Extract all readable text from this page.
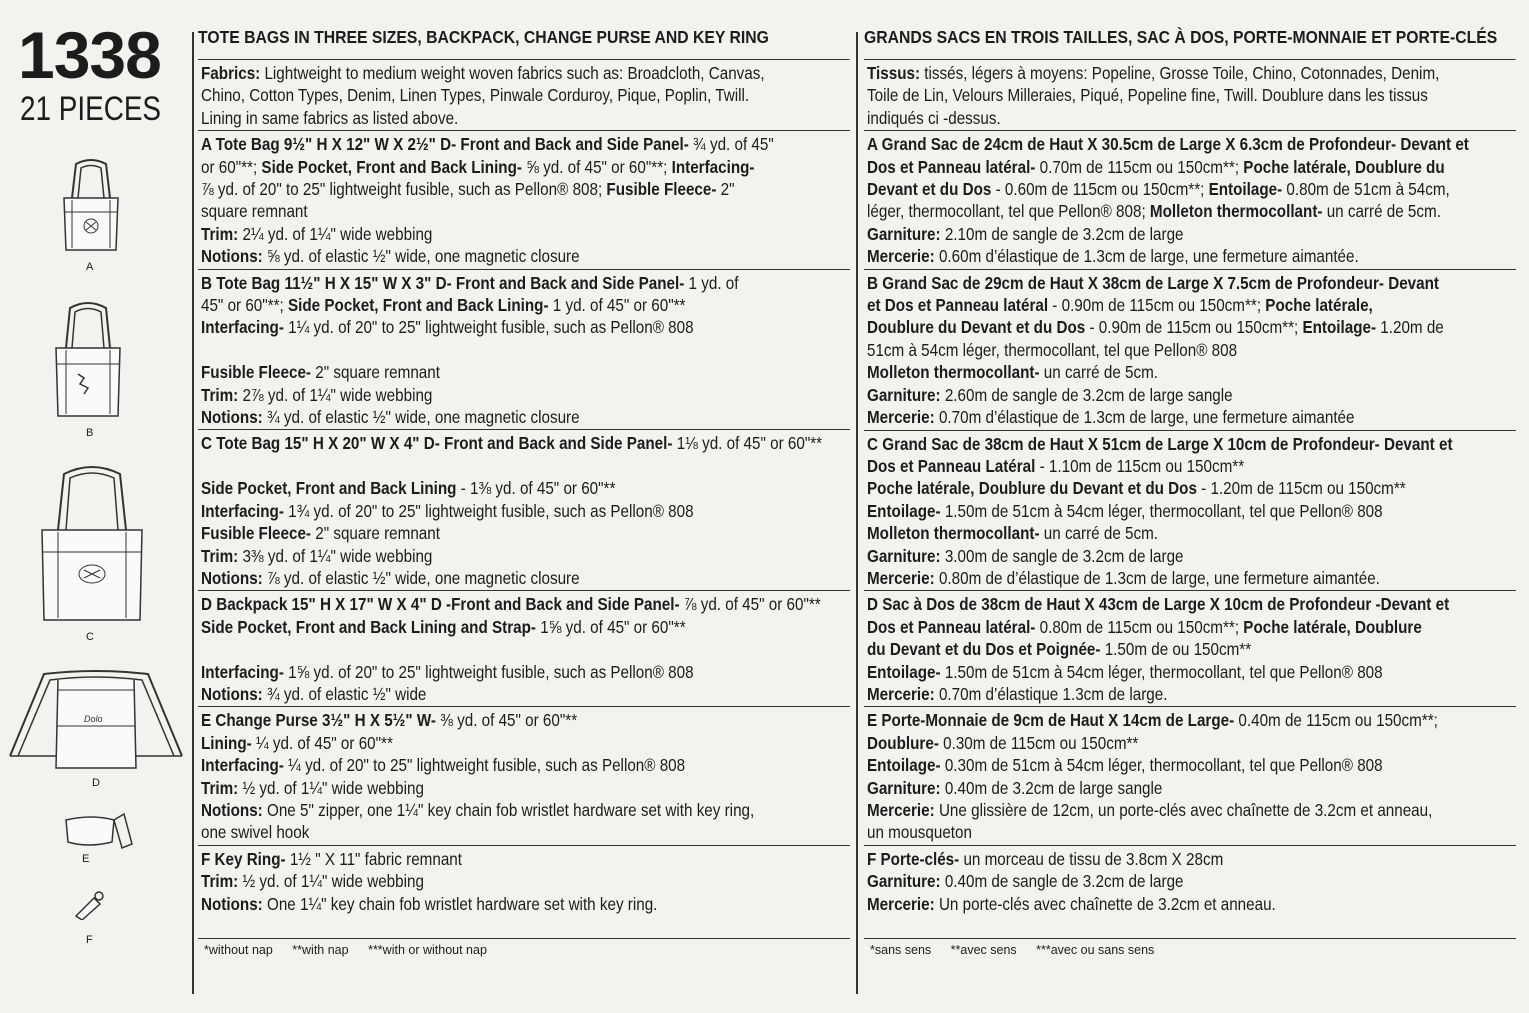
1338
21 PIECES
A
B
C
Dolo
D
E
F
TOTE BAGS IN THREE SIZES, BACKPACK, CHANGE PURSE AND KEY RING
Fabrics: Lightweight to medium weight woven fabrics such as: Broadcloth, Canvas,
Chino, Cotton Types, Denim, Linen Types, Pinwale Corduroy, Pique, Poplin, Twill.
Lining in same fabrics as listed above.
A Tote Bag 9½" H X 12" W X 2½" D- Front and Back and Side Panel- ¾ yd. of 45"
or 60"**; Side Pocket, Front and Back Lining- ⅝ yd. of 45" or 60"**; Interfacing-
⅞ yd. of 20" to 25" lightweight fusible, such as Pellon® 808; Fusible Fleece- 2"
square remnant
Trim: 2¼ yd. of 1¼" wide webbing
Notions: ⅝ yd. of elastic ½" wide, one magnetic closure
B Tote Bag 11½" H X 15" W X 3" D- Front and Back and Side Panel- 1 yd. of
45" or 60"**; Side Pocket, Front and Back Lining- 1 yd. of 45" or 60"**
Interfacing- 1¼ yd. of 20" to 25" lightweight fusible, such as Pellon® 808
Fusible Fleece- 2" square remnant
Trim: 2⅞ yd. of 1¼" wide webbing
Notions: ¾ yd. of elastic ½" wide, one magnetic closure
C Tote Bag 15" H X 20" W X 4" D- Front and Back and Side Panel- 1⅛ yd. of 45" or 60"**
Side Pocket, Front and Back Lining - 1⅜ yd. of 45" or 60"**
Interfacing- 1¾ yd. of 20" to 25" lightweight fusible, such as Pellon® 808
Fusible Fleece- 2" square remnant
Trim: 3⅜ yd. of 1¼" wide webbing
Notions: ⅞ yd. of elastic ½" wide, one magnetic closure
D Backpack 15" H X 17" W X 4" D -Front and Back and Side Panel- ⅞ yd. of 45" or 60"**
Side Pocket, Front and Back Lining and Strap- 1⅝ yd. of 45" or 60"**
Interfacing- 1⅝ yd. of 20" to 25" lightweight fusible, such as Pellon® 808
Notions: ¾ yd. of elastic ½" wide
E Change Purse 3½" H X 5½" W- ⅜ yd. of 45" or 60"**
Lining- ¼ yd. of 45" or 60"**
Interfacing- ¼ yd. of 20" to 25" lightweight fusible, such as Pellon® 808
Trim: ½ yd. of 1¼" wide webbing
Notions: One 5" zipper, one 1¼" key chain fob wristlet hardware set with key ring,
one swivel hook
F Key Ring- 1½ " X 11" fabric remnant
Trim: ½ yd. of 1¼" wide webbing
Notions: One 1¼" key chain fob wristlet hardware set with key ring.
*without nap **with nap ***with or without nap
GRANDS SACS EN TROIS TAILLES, SAC À DOS, PORTE-MONNAIE ET PORTE-CLÉS
Tissus: tissés, légers à moyens: Popeline, Grosse Toile, Chino, Cotonnades, Denim,
Toile de Lin, Velours Milleraies, Piqué, Popeline fine, Twill. Doublure dans les tissus
indiqués ci -dessus.
A Grand Sac de 24cm de Haut X 30.5cm de Large X 6.3cm de Profondeur- Devant et
Dos et Panneau latéral- 0.70m de 115cm ou 150cm**; Poche latérale, Doublure du
Devant et du Dos - 0.60m de 115cm ou 150cm**; Entoilage- 0.80m de 51cm à 54cm,
léger, thermocollant, tel que Pellon® 808; Molleton thermocollant- un carré de 5cm.
Garniture: 2.10m de sangle de 3.2cm de large
Mercerie: 0.60m d’élastique de 1.3cm de large, une fermeture aimantée.
B Grand Sac de 29cm de Haut X 38cm de Large X 7.5cm de Profondeur- Devant
et Dos et Panneau latéral - 0.90m de 115cm ou 150cm**; Poche latérale,
Doublure du Devant et du Dos - 0.90m de 115cm ou 150cm**; Entoilage- 1.20m de
51cm à 54cm léger, thermocollant, tel que Pellon® 808
Molleton thermocollant- un carré de 5cm.
Garniture: 2.60m de sangle de 3.2cm de large sangle
Mercerie: 0.70m d’élastique de 1.3cm de large, une fermeture aimantée
C Grand Sac de 38cm de Haut X 51cm de Large X 10cm de Profondeur- Devant et
Dos et Panneau Latéral - 1.10m de 115cm ou 150cm**
Poche latérale, Doublure du Devant et du Dos - 1.20m de 115cm ou 150cm**
Entoilage- 1.50m de 51cm à 54cm léger, thermocollant, tel que Pellon® 808
Molleton thermocollant- un carré de 5cm.
Garniture: 3.00m de sangle de 3.2cm de large
Mercerie: 0.80m de d’élastique de 1.3cm de large, une fermeture aimantée.
D Sac à Dos de 38cm de Haut X 43cm de Large X 10cm de Profondeur -Devant et
Dos et Panneau latéral- 0.80m de 115cm ou 150cm**; Poche latérale, Doublure
du Devant et du Dos et Poignée- 1.50m de ou 150cm**
Entoilage- 1.50m de 51cm à 54cm léger, thermocollant, tel que Pellon® 808
Mercerie: 0.70m d’élastique 1.3cm de large.
E Porte-Monnaie de 9cm de Haut X 14cm de Large- 0.40m de 115cm ou 150cm**;
Doublure- 0.30m de 115cm ou 150cm**
Entoilage- 0.30m de 51cm à 54cm léger, thermocollant, tel que Pellon® 808
Garniture: 0.40m de 3.2cm de large sangle
Mercerie: Une glissière de 12cm, un porte-clés avec chaînette de 3.2cm et anneau,
un mousqueton
F Porte-clés- un morceau de tissu de 3.8cm X 28cm
Garniture: 0.40m de sangle de 3.2cm de large
Mercerie: Un porte-clés avec chaînette de 3.2cm et anneau.
*sans sens **avec sens ***avec ou sans sens
